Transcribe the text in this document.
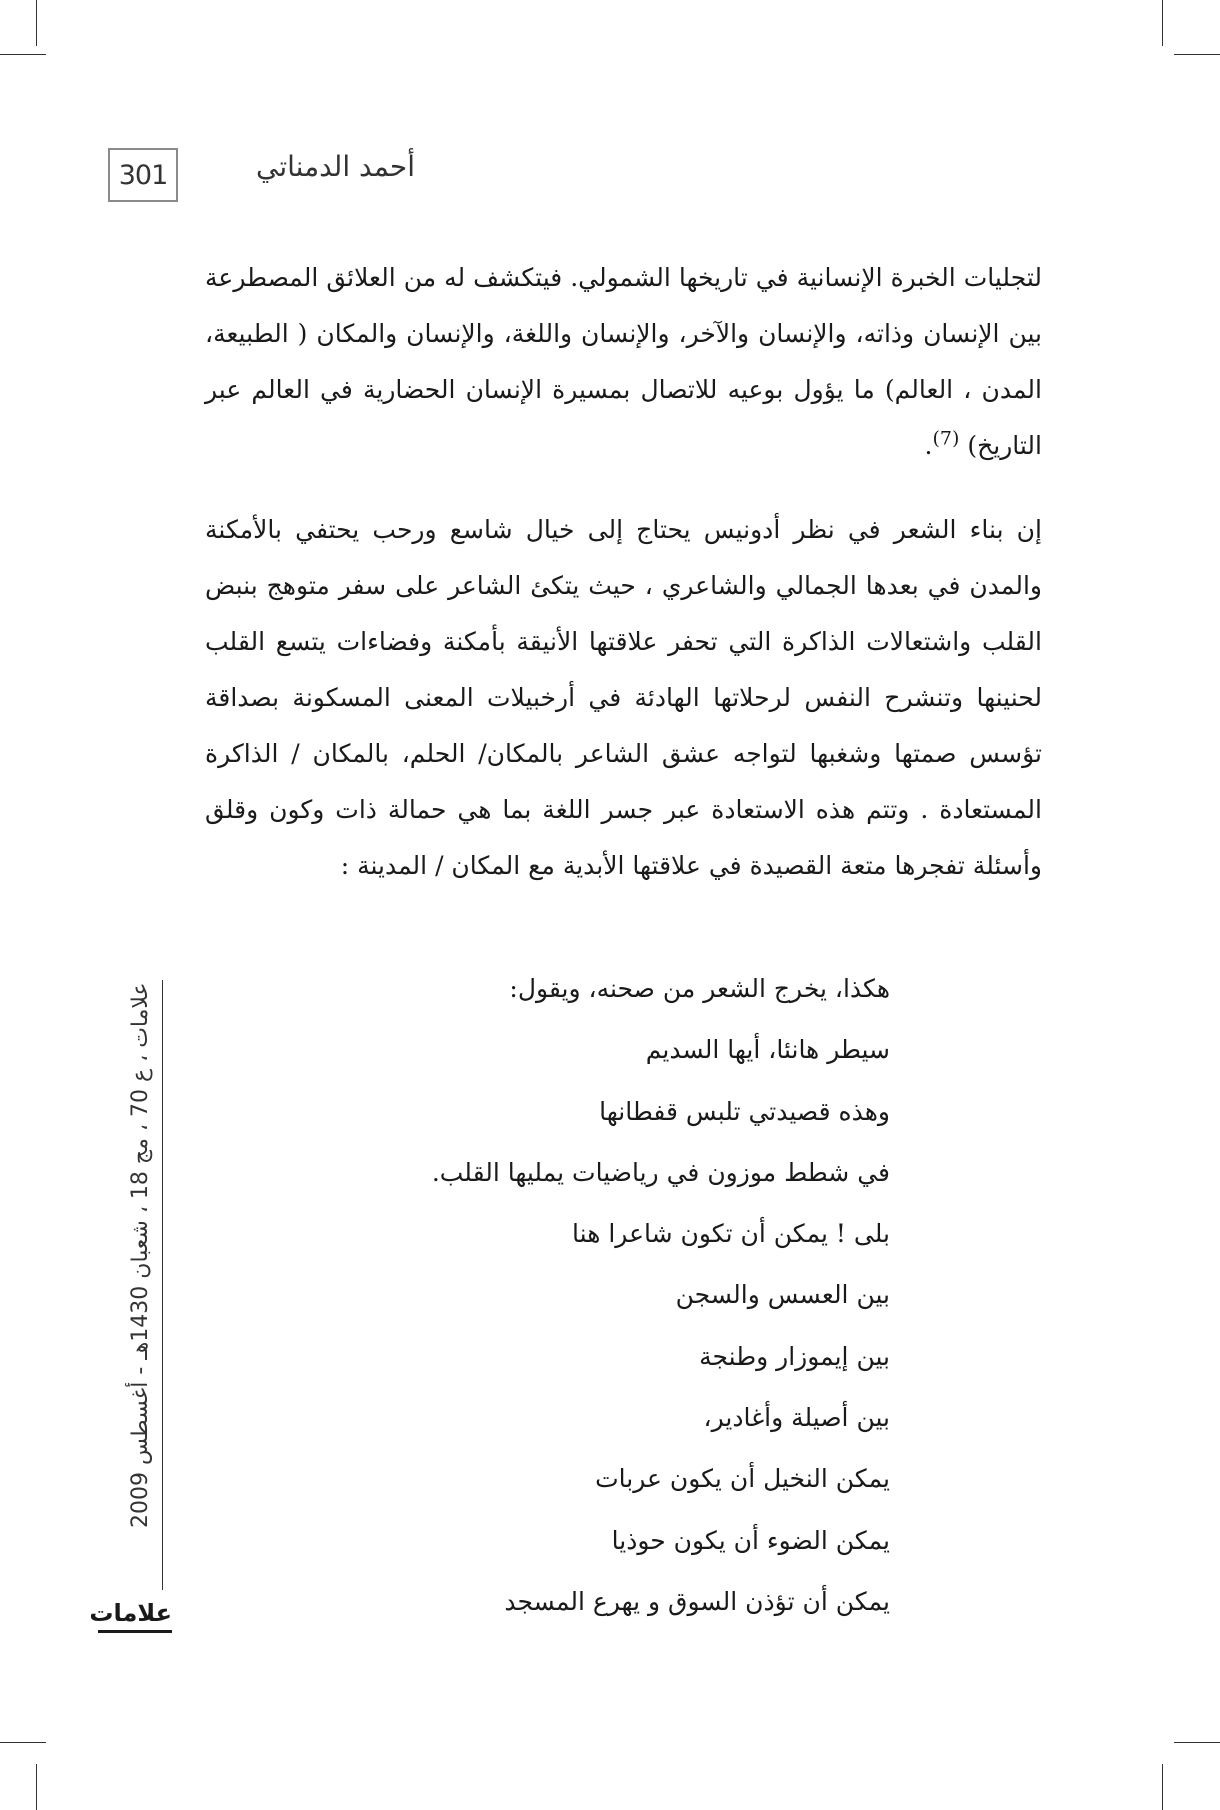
301	أحمد الدمناتي

لتجليات الخبرة الإنسانية في تاريخها الشمولي. فيتكشف له من العلائق المصطرعة بين الإنسان وذاته، والإنسان والآخر، والإنسان واللغة، والإنسان والمكان ( الطبيعة، المدن ، العالم) ما يؤول بوعيه للاتصال بمسيرة الإنسان الحضارية في العالم عبر التاريخ) $^{(7)}$.

إن بناء الشعر في نظر أدونيس يحتاج إلى خيال شاسع ورحب يحتفي بالأمكنة والمدن في بعدها الجمالي والشاعري ، حيث يتكئ الشاعر على سفر متوهج بنبض القلب واشتعالات الذاكرة التي تحفر علاقتها الأنيقة بأمكنة وفضاءات يتسع القلب لحنينها وتنشرح النفس لرحلاتها الهادئة في أرخبيلات المعنى المسكونة بصداقة تؤسس صمتها وشغبها لتواجه عشق الشاعر بالمكان/ الحلم، بالمكان / الذاكرة المستعادة . وتتم هذه الاستعادة عبر جسر اللغة بما هي حمالة ذات وكون وقلق وأسئلة تفجرها متعة القصيدة في علاقتها الأبدية مع المكان / المدينة :

هكذا، يخرج الشعر من صحنه، ويقول:
سيطر هانئا، أيها السديم
وهذه قصيدتي تلبس قفطانها
في شطط موزون في رياضيات يمليها القلب.
بلى ! يمكن أن تكون شاعرا هنا
بين العسس والسجن
بين إيموزار وطنجة
بين أصيلة وأغادير،
يمكن النخيل أن يكون عربات
يمكن الضوء أن يكون حوذيا
يمكن أن تؤذن السوق و يهرع المسجد
علامات ، ع 70 ، مج 18 ، شعبان 1430هـ - أغسطس 2009
علامات
